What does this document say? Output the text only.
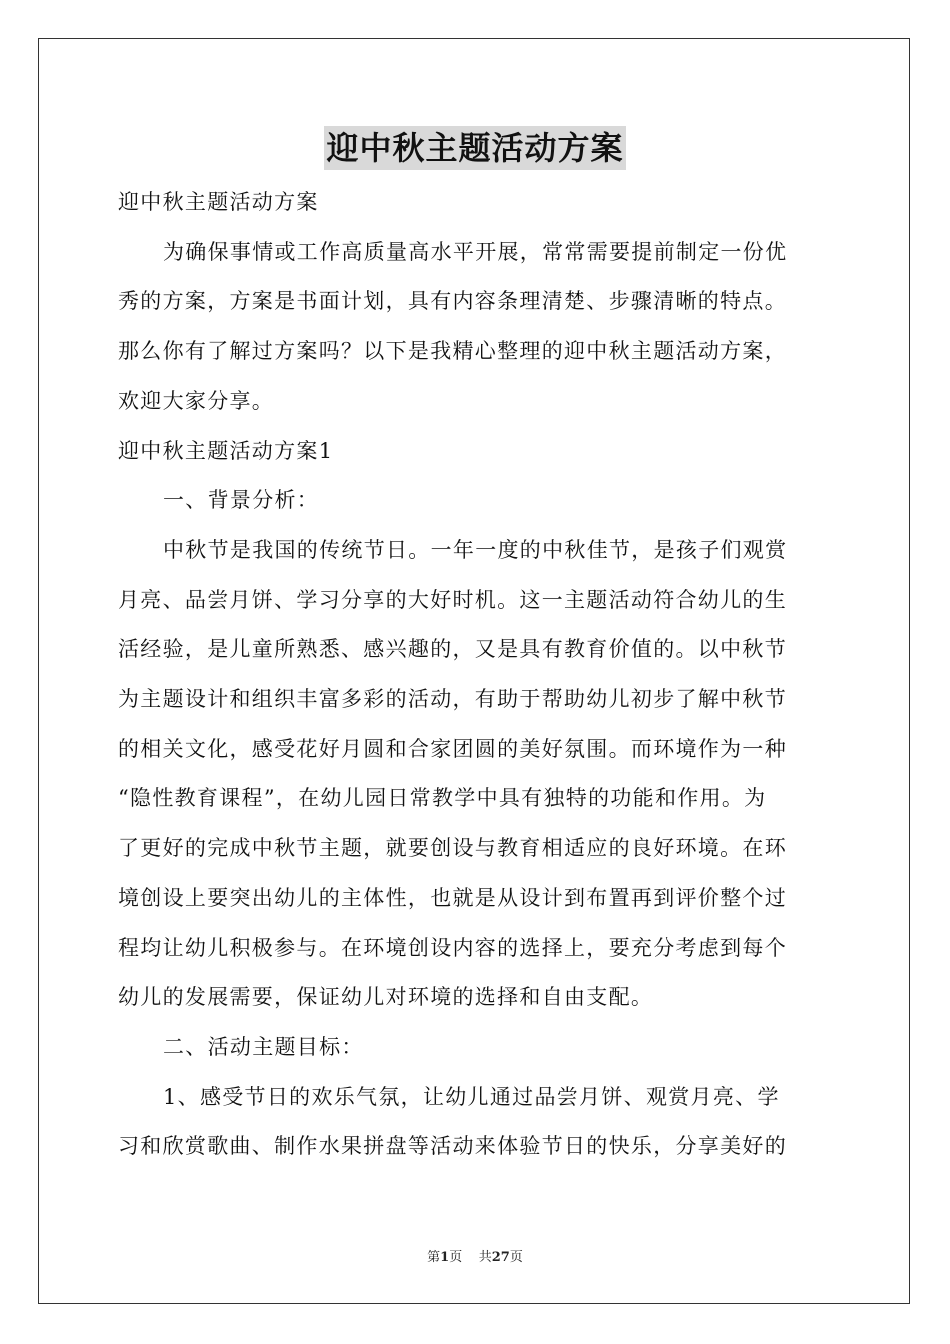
迎中秋主题活动方案
迎中秋主题活动方案
为确保事情或工作高质量高水平开展，常常需要提前制定一份优
秀的方案，方案是书面计划，具有内容条理清楚、步骤清晰的特点。
那么你有了解过方案吗？以下是我精心整理的迎中秋主题活动方案，
欢迎大家分享。
迎中秋主题活动方案1
一、背景分析：
中秋节是我国的传统节日。一年一度的中秋佳节，是孩子们观赏
月亮、品尝月饼、学习分享的大好时机。这一主题活动符合幼儿的生
活经验，是儿童所熟悉、感兴趣的，又是具有教育价值的。以中秋节
为主题设计和组织丰富多彩的活动，有助于帮助幼儿初步了解中秋节
的相关文化，感受花好月圆和合家团圆的美好氛围。而环境作为一种
“隐性教育课程”，在幼儿园日常教学中具有独特的功能和作用。为
了更好的完成中秋节主题，就要创设与教育相适应的良好环境。在环
境创设上要突出幼儿的主体性，也就是从设计到布置再到评价整个过
程均让幼儿积极参与。在环境创设内容的选择上，要充分考虑到每个
幼儿的发展需要，保证幼儿对环境的选择和自由支配。
二、活动主题目标：
1、感受节日的欢乐气氛，让幼儿通过品尝月饼、观赏月亮、学
习和欣赏歌曲、制作水果拼盘等活动来体验节日的快乐，分享美好的
第1页 共27页
